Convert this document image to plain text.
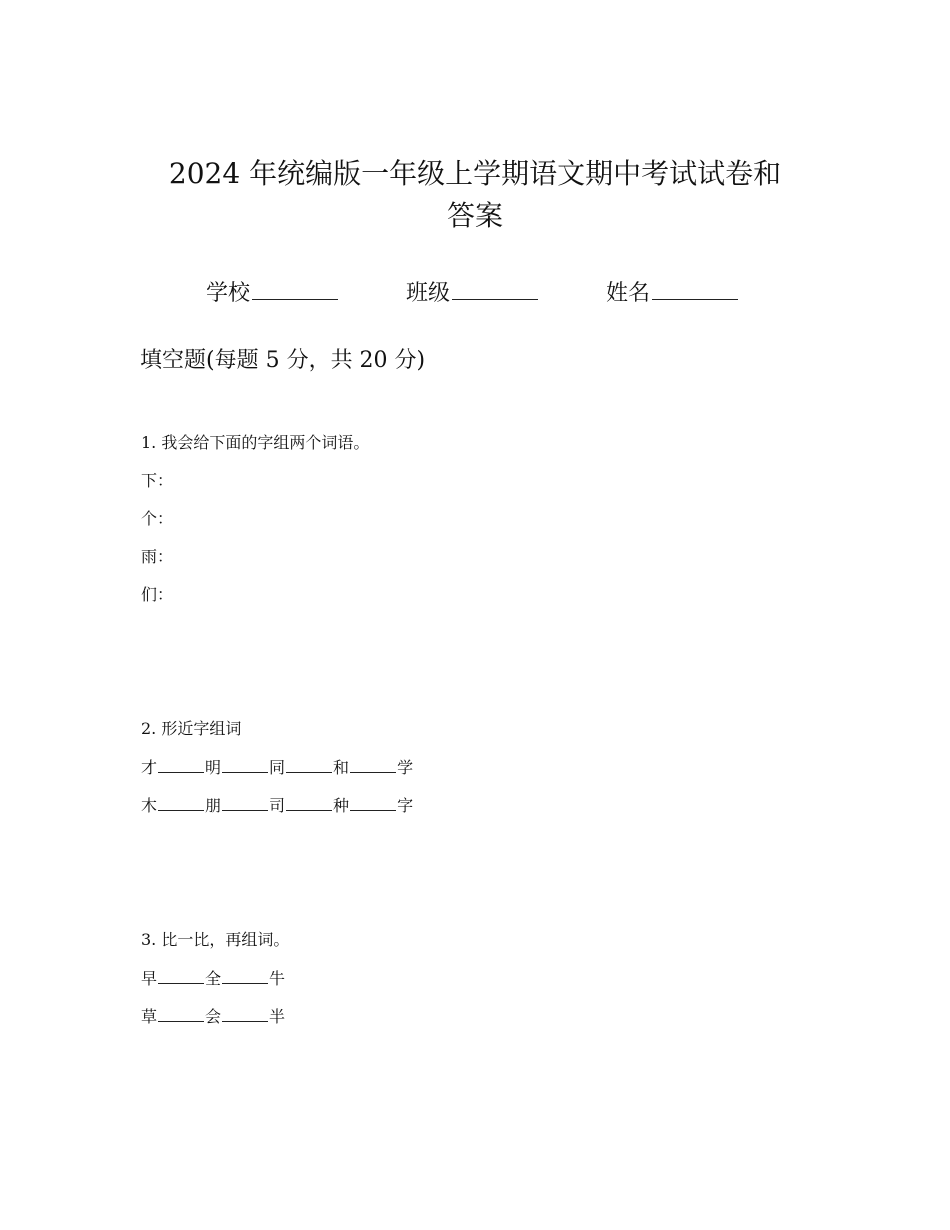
2024 年统编版一年级上学期语文期中考试试卷和
答案
学校	班级	姓名
填空题(每题 5 分，共 20 分)
1. 我会给下面的字组两个词语。
下：
个：
雨：
们：
2. 形近字组词
才	明	同	和	学
木	朋	司	种	字
3. 比一比，再组词。
早	全	牛
草	会	半
